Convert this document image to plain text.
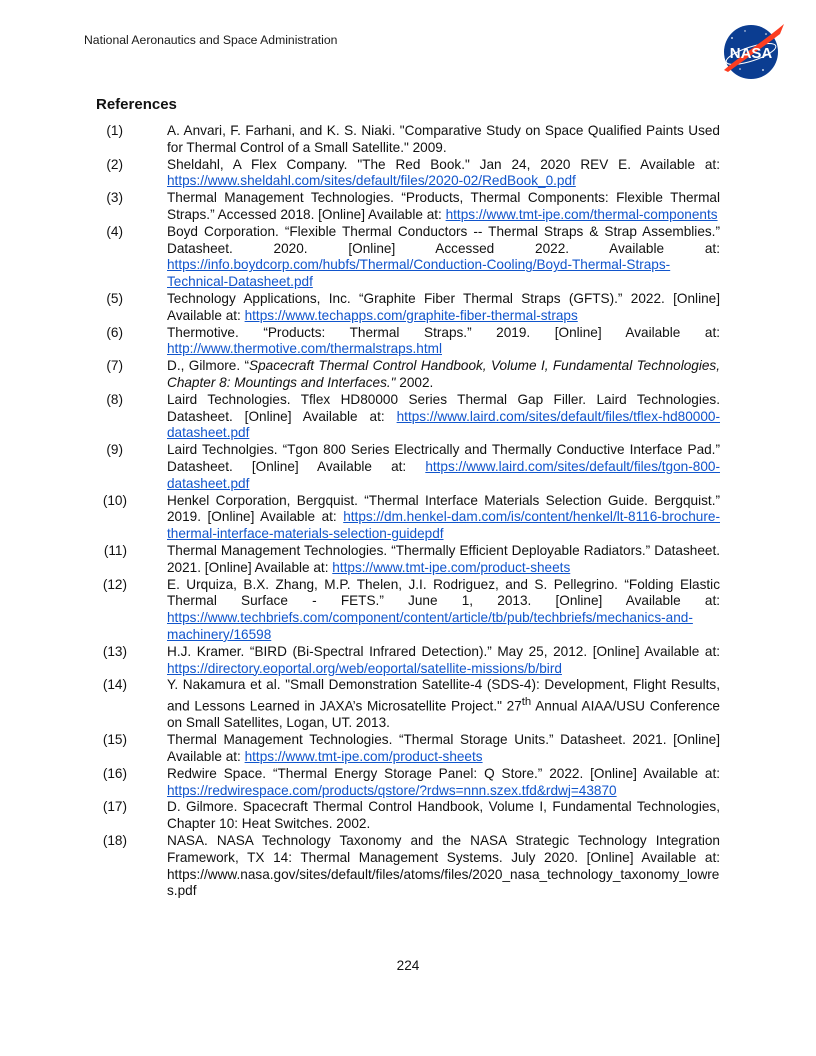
National Aeronautics and Space Administration
NASA
References
(1)	A. Anvari, F. Farhani, and K. S. Niaki. "Comparative Study on Space Qualified Paints Used for Thermal Control of a Small Satellite." 2009.
(2)	Sheldahl, A Flex Company. "The Red Book." Jan 24, 2020 REV E. Available at: https://www.sheldahl.com/sites/default/files/2020-02/RedBook_0.pdf
(3)	Thermal Management Technologies. “Products, Thermal Components: Flexible Thermal Straps.” Accessed 2018. [Online] Available at: https://www.tmt-ipe.com/thermal-components
(4)	Boyd Corporation. “Flexible Thermal Conductors -- Thermal Straps & Strap Assemblies.” Datasheet. 2020. [Online] Accessed 2022. Available at: https://info.boydcorp.com/hubfs/Thermal/Conduction-Cooling/Boyd-Thermal-Straps-Technical-Datasheet.pdf
(5)	Technology Applications, Inc. “Graphite Fiber Thermal Straps (GFTS).” 2022. [Online] Available at: https://www.techapps.com/graphite-fiber-thermal-straps
(6)	Thermotive. “Products: Thermal Straps.” 2019. [Online] Available at: http://www.thermotive.com/thermalstraps.html
(7)	D., Gilmore. “Spacecraft Thermal Control Handbook, Volume I, Fundamental Technologies, Chapter 8: Mountings and Interfaces." 2002.
(8)	Laird Technologies. Tflex HD80000 Series Thermal Gap Filler. Laird Technologies. Datasheet. [Online] Available at: https://www.laird.com/sites/default/files/tflex-hd80000-datasheet.pdf
(9)	Laird Technolgies. “Tgon 800 Series Electrically and Thermally Conductive Interface Pad.” Datasheet. [Online] Available at: https://www.laird.com/sites/default/files/tgon-800-datasheet.pdf
(10)	Henkel Corporation, Bergquist. “Thermal Interface Materials Selection Guide. Bergquist.” 2019. [Online] Available at: https://dm.henkel-dam.com/is/content/henkel/lt-8116-brochure-thermal-interface-materials-selection-guidepdf
(11)	Thermal Management Technologies. “Thermally Efficient Deployable Radiators.” Datasheet. 2021. [Online] Available at: https://www.tmt-ipe.com/product-sheets
(12)	E. Urquiza, B.X. Zhang, M.P. Thelen, J.I. Rodriguez, and S. Pellegrino. “Folding Elastic Thermal Surface - FETS.” June 1, 2013. [Online] Available at: https://www.techbriefs.com/component/content/article/tb/pub/techbriefs/mechanics-and-machinery/16598
(13)	H.J. Kramer. “BIRD (Bi-Spectral Infrared Detection).” May 25, 2012. [Online] Available at: https://directory.eoportal.org/web/eoportal/satellite-missions/b/bird
(14)	Y. Nakamura et al. "Small Demonstration Satellite-4 (SDS-4): Development, Flight Results, and Lessons Learned in JAXA’s Microsatellite Project." 27th Annual AIAA/USU Conference on Small Satellites, Logan, UT. 2013.
(15)	Thermal Management Technologies. “Thermal Storage Units.” Datasheet. 2021. [Online] Available at: https://www.tmt-ipe.com/product-sheets
(16)	Redwire Space. “Thermal Energy Storage Panel: Q Store.” 2022. [Online] Available at: https://redwirespace.com/products/qstore/?rdws=nnn.szex.tfd&rdwj=43870
(17)	D. Gilmore. Spacecraft Thermal Control Handbook, Volume I, Fundamental Technologies, Chapter 10: Heat Switches. 2002.
(18)	NASA. NASA Technology Taxonomy and the NASA Strategic Technology Integration Framework, TX 14: Thermal Management Systems. July 2020. [Online] Available at: https://www.nasa.gov/sites/default/files/atoms/files/2020_nasa_technology_taxonomy_lowres.pdf
224
